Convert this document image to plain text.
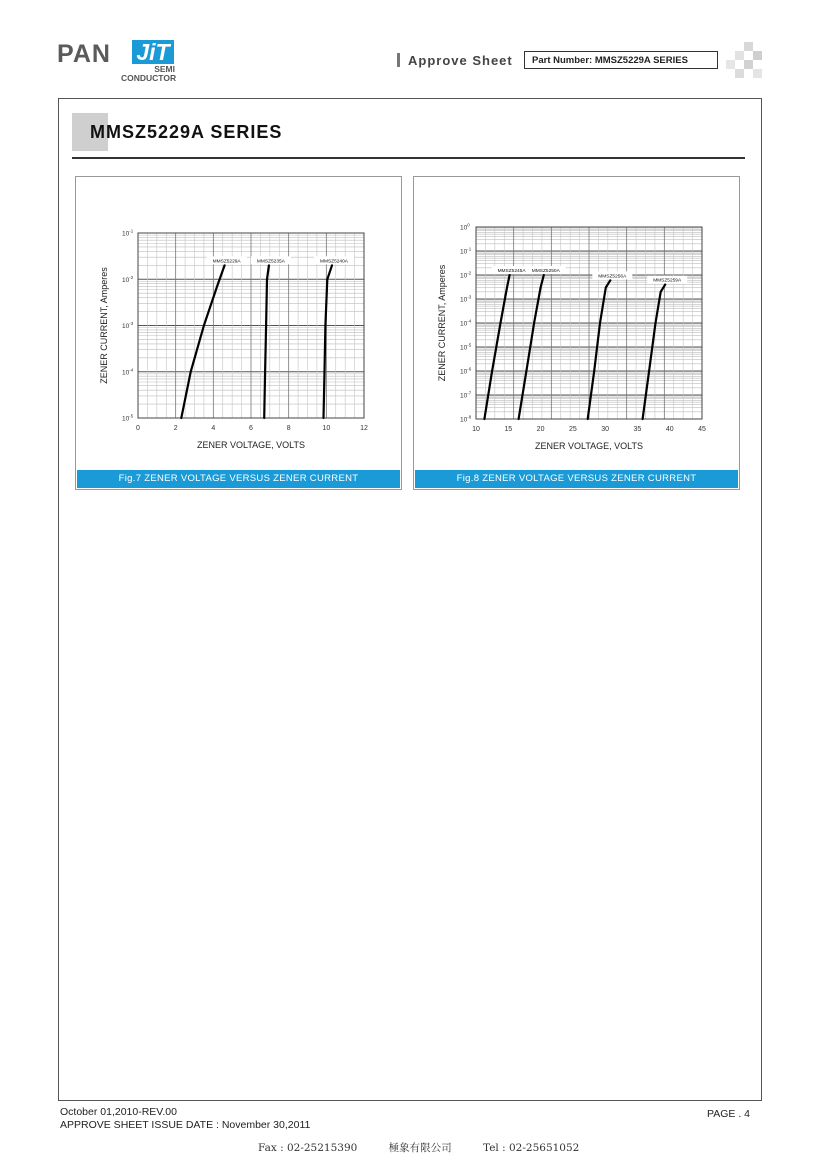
PAN JiT
SEMI
CONDUCTOR
Approve Sheet	Part Number: MMSZ5229A SERIES
MMSZ5229A SERIES
0	2	4	6	8	10	12
$10^{-1}$
$10^{-2}$
$10^{-3}$
$10^{-4}$
$10^{-5}$
ZENER VOLTAGE, VOLTS
ZENER CURRENT, Amperes
MMSZ5229A	MMSZ5235A	MMSZ5240A
Fig.7 ZENER VOLTAGE VERSUS ZENER CURRENT
10	15	20	25	30	35	40	45
$10^0$
$10^{-1}$
$10^{-2}$
$10^{-3}$
$10^{-4}$
$10^{-5}$
$10^{-6}$
$10^{-7}$
$10^{-8}$
ZENER VOLTAGE, VOLTS
ZENER CURRENT, Amperes	MMSZ5245A MMSZ5250A
MMSZ5256A
MMSZ5259A
Fig.8 ZENER VOLTAGE VERSUS ZENER CURRENT
October 01,2010-REV.00
APPROVE SHEET ISSUE DATE : November 30,2011
PAGE . 4
Fax : 02-25215390	極象有限公司	Tel : 02-25651052
